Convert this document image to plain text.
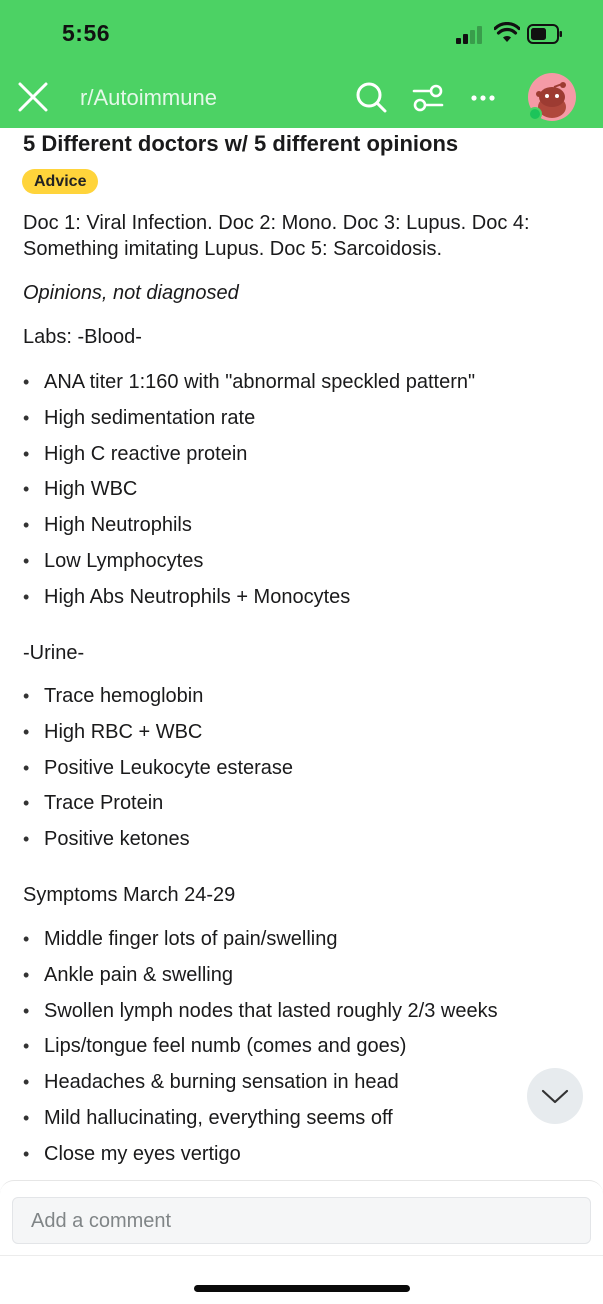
5:56
r/Autoimmune
5 Different doctors w/ 5 different opinions
Advice
Doc 1: Viral Infection. Doc 2: Mono. Doc 3: Lupus. Doc 4:
Something imitating Lupus. Doc 5: Sarcoidosis.
Opinions, not diagnosed
Labs: -Blood-
• ANA titer 1:160 with "abnormal speckled pattern"
• High sedimentation rate
• High C reactive protein
• High WBC
• High Neutrophils
• Low Lymphocytes
• High Abs Neutrophils + Monocytes
-Urine-
• Trace hemoglobin
• High RBC + WBC
• Positive Leukocyte esterase
• Trace Protein
• Positive ketones
Symptoms March 24-29
• Middle finger lots of pain/swelling
• Ankle pain & swelling
• Swollen lymph nodes that lasted roughly 2/3 weeks
• Lips/tongue feel numb (comes and goes)
• Headaches & burning sensation in head
• Mild hallucinating, everything seems off
• Close my eyes vertigo
Add a comment
